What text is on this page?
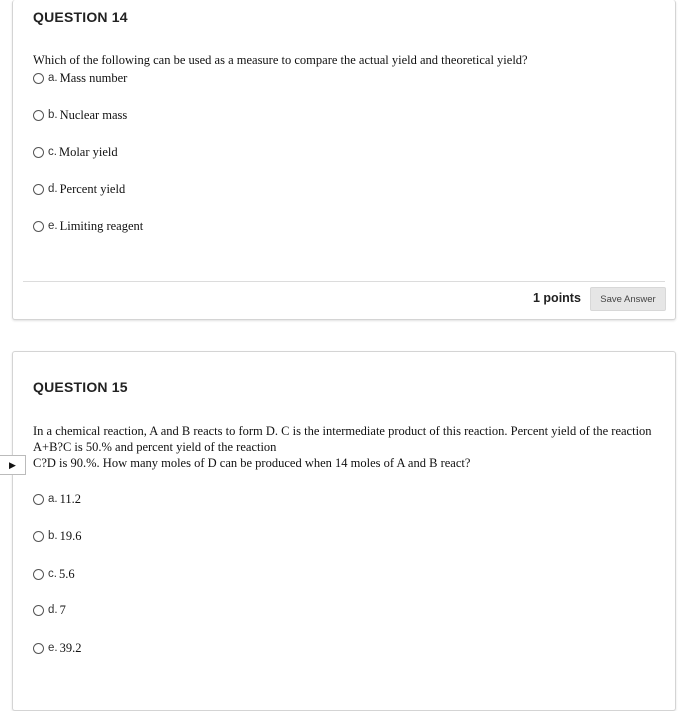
QUESTION 14
Which of the following can be used as a measure to compare the actual yield and theoretical yield?
a. Mass number
b. Nuclear mass
c. Molar yield
d. Percent yield
e. Limiting reagent
1 points	Save Answer
▶
QUESTION 15
In a chemical reaction, A and B reacts to form D. C is the intermediate product of this reaction. Percent yield of the reaction
A+B?C is 50.% and percent yield of the reaction
C?D is 90.%. How many moles of D can be produced when 14 moles of A and B react?
a. 11.2
b. 19.6
c. 5.6
d. 7
e. 39.2
